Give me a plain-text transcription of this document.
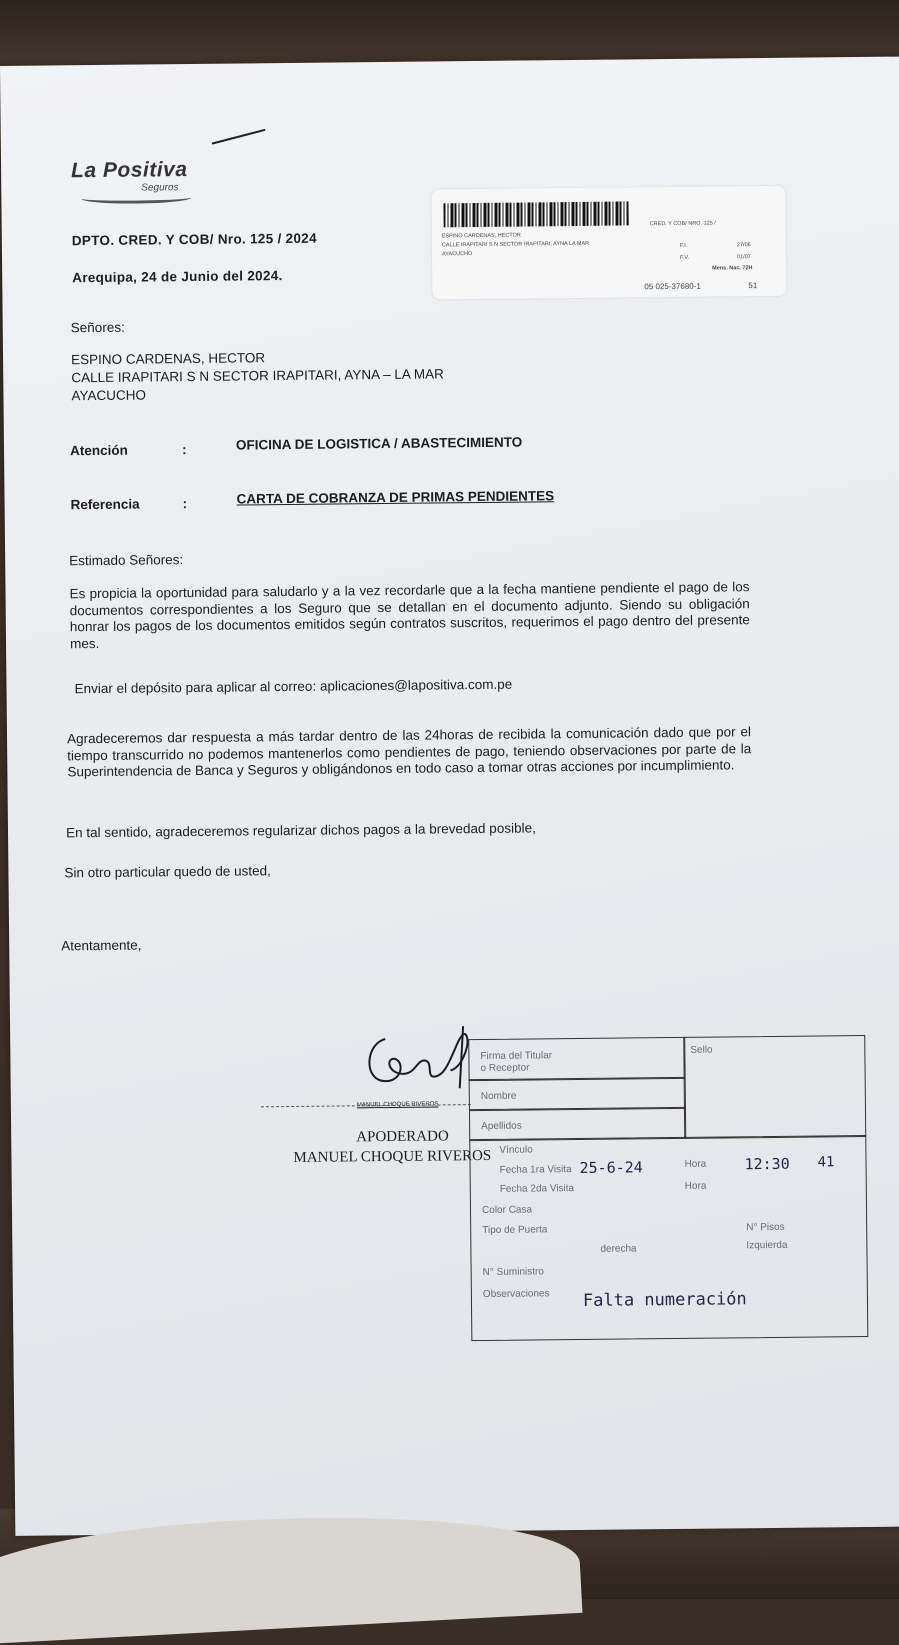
La Positiva
Seguros
DPTO. CRED. Y COB/ Nro. 125 / 2024
Arequipa, 24 de Junio del 2024.
CRED. Y COB/ NRO. 125 /
ESPINO CARDENAS, HECTOR
CALLE IRAPITARI S N SECTOR IRAPITARI, AYNA LA MAR
AYACUCHO
F.I.	27/06
F.V.	01/07
Mens. Nac. 72H
05 025-37680-1	51
Señores:
ESPINO CARDENAS, HECTOR
CALLE IRAPITARI S N SECTOR IRAPITARI, AYNA – LA MAR
AYACUCHO
Atención	:	OFICINA DE LOGISTICA / ABASTECIMIENTO
Referencia	:	CARTA DE COBRANZA DE PRIMAS PENDIENTES
Estimado Señores:
Es propicia la oportunidad para saludarlo y a la vez recordarle que a la fecha mantiene pendiente el pago de los documentos correspondientes a los Seguro que se detallan en el documento adjunto. Siendo su obligación honrar los pagos de los documentos emitidos según contratos suscritos, requerimos el pago dentro del presente mes.
Enviar el depósito para aplicar al correo: aplicaciones@lapositiva.com.pe
Agradeceremos dar respuesta a más tardar dentro de las 24horas de recibida la comunicación dado que por el tiempo transcurrido no podemos mantenerlos como pendientes de pago, teniendo observaciones por parte de la Superintendencia de Banca y Seguros y obligándonos en todo caso a tomar otras acciones por incumplimiento.
En tal sentido, agradeceremos regularizar dichos pagos a la brevedad posible,
Sin otro particular quedo de usted,
Atentamente,
MANUEL CHOQUE RIVEROS
APODERADO
MANUEL CHOQUE RIVEROS
Firma del Titular
o Receptor
Sello
Nombre
Apellidos
Vínculo
Fecha 1ra Visita 25-6-24	Hora	12:30 41
Fecha 2da Visita	Hora
Color Casa
Tipo de Puerta	N° Pisos
derecha	Izquierda
N° Suministro
Observaciones Falta numeración
